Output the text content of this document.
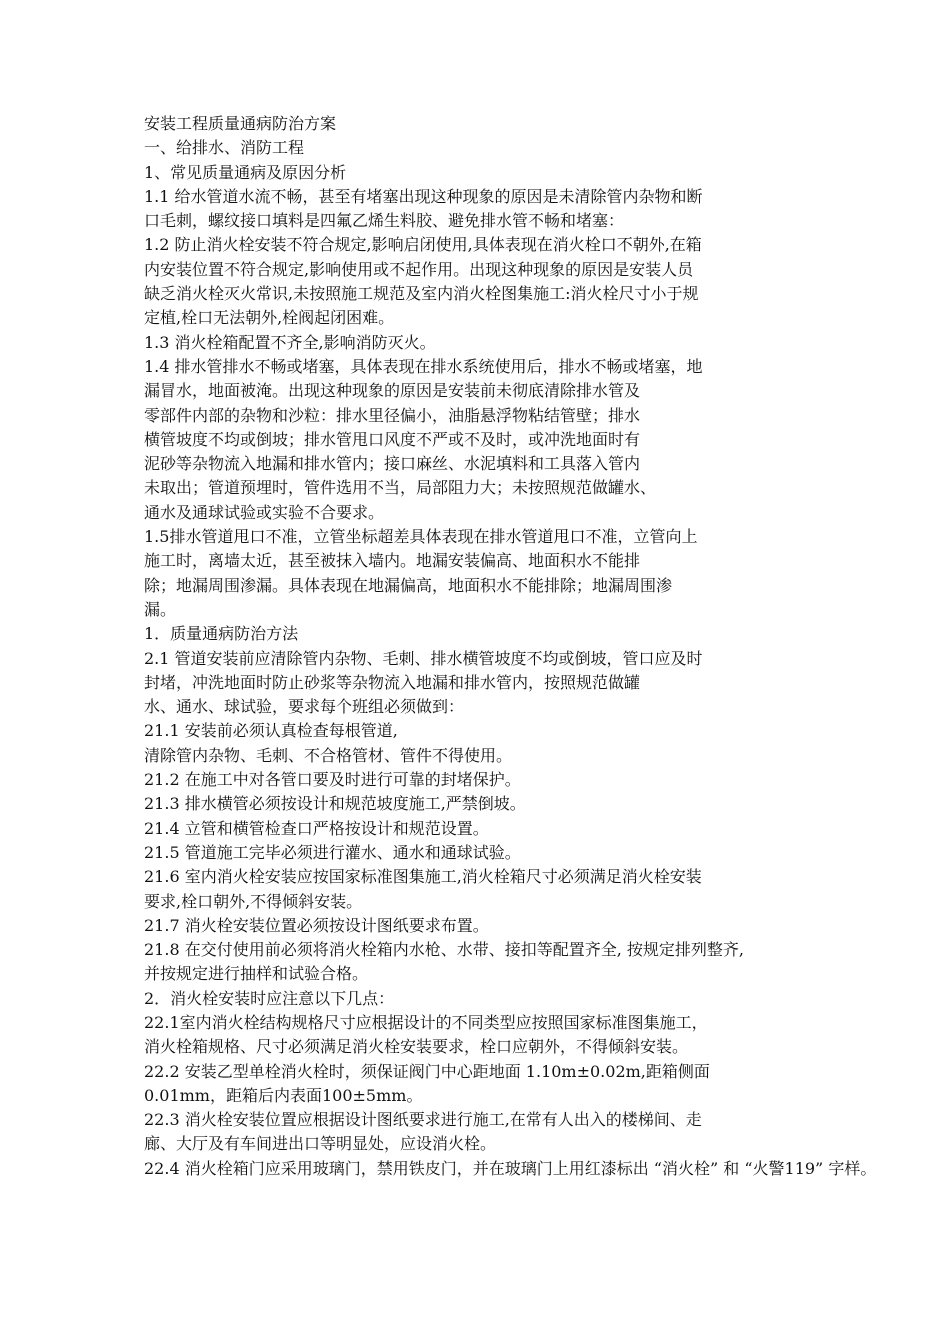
安装工程质量通病防治方案
一、给排水、消防工程
1、常见质量通病及原因分析
1.1 给水管道水流不畅，甚至有堵塞出现这种现象的原因是未清除管内杂物和断
口毛刺，螺纹接口填料是四氟乙烯生料胶、避免排水管不畅和堵塞：
1.2 防止消火栓安装不符合规定,影响启闭使用,具体表现在消火栓口不朝外,在箱
内安装位置不符合规定,影响使用或不起作用。出现这种现象的原因是安装人员
缺乏消火栓灭火常识,未按照施工规范及室内消火栓图集施工:消火栓尺寸小于规
定植,栓口无法朝外,栓阀起闭困难。
1.3 消火栓箱配置不齐全,影响消防灭火。
1.4 排水管排水不畅或堵塞，具体表现在排水系统使用后，排水不畅或堵塞，地
漏冒水，地面被淹。出现这种现象的原因是安装前未彻底清除排水管及
零部件内部的杂物和沙粒：排水里径偏小，油脂悬浮物粘结管壁；排水
横管坡度不均或倒坡；排水管甩口风度不严或不及时，或冲洗地面时有
泥砂等杂物流入地漏和排水管内；接口麻丝、水泥填料和工具落入管内
未取出；管道预埋时，管件选用不当，局部阻力大；未按照规范做罐水、
通水及通球试验或实验不合要求。
1.5排水管道甩口不准，立管坐标超差具体表现在排水管道甩口不准，立管向上
施工时，离墙太近，甚至被抹入墙内。地漏安装偏高、地面积水不能排
除；地漏周围渗漏。具体表现在地漏偏高，地面积水不能排除；地漏周围渗
漏。
1．质量通病防治方法
2.1 管道安装前应清除管内杂物、毛刺、排水横管坡度不均或倒坡，管口应及时
封堵，冲洗地面时防止砂浆等杂物流入地漏和排水管内，按照规范做罐
水、通水、球试验，要求每个班组必须做到：
21.1 安装前必须认真检查每根管道,
清除管内杂物、毛刺、不合格管材、管件不得使用。
21.2 在施工中对各管口要及时进行可靠的封堵保护。
21.3 排水横管必须按设计和规范坡度施工,严禁倒坡。
21.4 立管和横管检查口严格按设计和规范设置。
21.5 管道施工完毕必须进行灌水、通水和通球试验。
21.6 室内消火栓安装应按国家标准图集施工,消火栓箱尺寸必须满足消火栓安装
要求,栓口朝外,不得倾斜安装。
21.7 消火栓安装位置必须按设计图纸要求布置。
21.8 在交付使用前必须将消火栓箱内水枪、水带、接扣等配置齐全, 按规定排列整齐,
并按规定进行抽样和试验合格。
2．消火栓安装时应注意以下几点：
22.1室内消火栓结构规格尺寸应根据设计的不同类型应按照国家标准图集施工，
消火栓箱规格、尺寸必须满足消火栓安装要求，栓口应朝外，不得倾斜安装。
22.2 安装乙型单栓消火栓时，须保证阀门中心距地面 1.10m±0.02m,距箱侧面
0.01mm，距箱后内表面100±5mm。
22.3 消火栓安装位置应根据设计图纸要求进行施工,在常有人出入的楼梯间、走
廊、大厅及有车间进出口等明显处，应设消火栓。
22.4 消火栓箱门应采用玻璃门，禁用铁皮门，并在玻璃门上用红漆标出 “消火栓” 和 “火警119” 字样。
